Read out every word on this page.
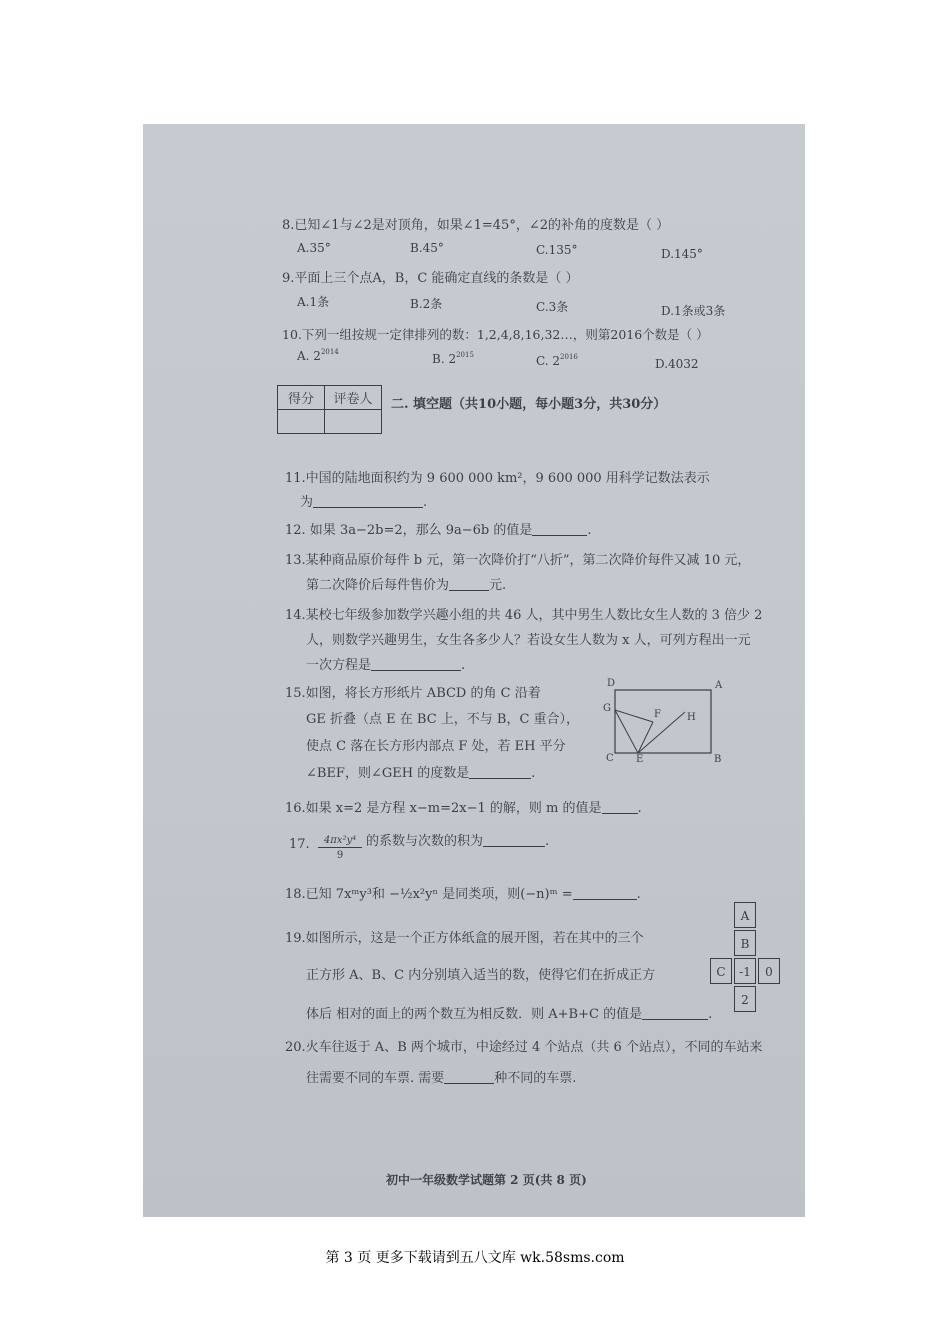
8.已知∠1与∠2是对顶角，如果∠1=45°，∠2的补角的度数是（ ）
A.35°	B.45°	C.135°	D.145°
9.平面上三个点A，B，C 能确定直线的条数是（ ）
A.1条	B.2条	C.3条	D.1条或3条
10.下列一组按规一定律排列的数：1,2,4,8,16,32…，则第2016个数是（ ）
A. $2^{2014}$	B. $2^{2015}$	C. $2^{2016}$	D.4032
得分	评卷人
	二. 填空题（共10小题，每小题3分，共30分）
11.中国的陆地面积约为 9 600 000 km²，9 600 000 用科学记数法表示
为	.
12. 如果 3a−2b=2，那么 9a−6b 的值是	.
13.某种商品原价每件 b 元，第一次降价打“八折”，第二次降价每件又减 10 元，
第二次降价后每件售价为	元.
14.某校七年级参加数学兴趣小组的共 46 人，其中男生人数比女生人数的 3 倍少 2
人，则数学兴趣男生，女生各多少人？若设女生人数为 x 人，可列方程出一元
一次方程是	.
15.如图，将长方形纸片 ABCD 的角 C 沿着
GE 折叠（点 E 在 BC 上，不与 B，C 重合），
使点 C 落在长方形内部点 F 处，若 EH 平分
∠BEF，则∠GEH 的度数是	.
D	A
G
F	H
C E	B
16.如果 x=2 是方程 x−m=2x−1 的解，则 m 的值是	.
17. $\frac{\text{4πx²y⁴}}{9}$ 的系数与次数的积为	.
18.已知 7xᵐy³和 −½x²yⁿ 是同类项，则(−n)ᵐ =	.
A
B
C	-1	0
2
19.如图所示，这是一个正方体纸盒的展开图，若在其中的三个
正方形 A、B、C 内分别填入适当的数，使得它们在折成正方
体后 相对的面上的两个数互为相反数．则 A+B+C 的值是	.
20.火车往返于 A、B 两个城市，中途经过 4 个站点（共 6 个站点），不同的车站来
往需要不同的车票. 需要	种不同的车票.
初中一年级数学试题第 2 页(共 8 页)
第 3 页 更多下载请到五八文库 wk.58sms.com
